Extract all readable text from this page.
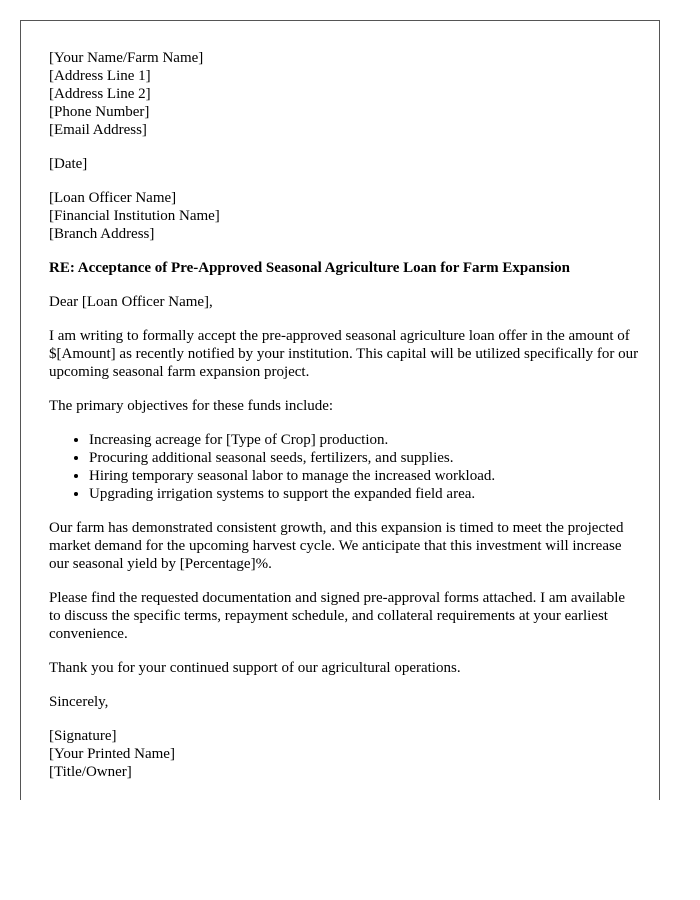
[Your Name/Farm Name]
[Address Line 1]
[Address Line 2]
[Phone Number]
[Email Address]
[Date]
[Loan Officer Name]
[Financial Institution Name]
[Branch Address]
RE: Acceptance of Pre-Approved Seasonal Agriculture Loan for Farm Expansion

Dear [Loan Officer Name],

I am writing to formally accept the pre-approved seasonal agriculture loan offer in the amount of $[Amount] as recently notified by your institution. This capital will be utilized specifically for our upcoming seasonal farm expansion project.

The primary objectives for these funds include:

• Increasing acreage for [Type of Crop] production.
• Procuring additional seasonal seeds, fertilizers, and supplies.
• Hiring temporary seasonal labor to manage the increased workload.
• Upgrading irrigation systems to support the expanded field area.

Our farm has demonstrated consistent growth, and this expansion is timed to meet the projected market demand for the upcoming harvest cycle. We anticipate that this investment will increase our seasonal yield by [Percentage]%.

Please find the requested documentation and signed pre-approval forms attached. I am available to discuss the specific terms, repayment schedule, and collateral requirements at your earliest convenience.

Thank you for your continued support of our agricultural operations.

Sincerely,

[Signature]
[Your Printed Name]
[Title/Owner]
